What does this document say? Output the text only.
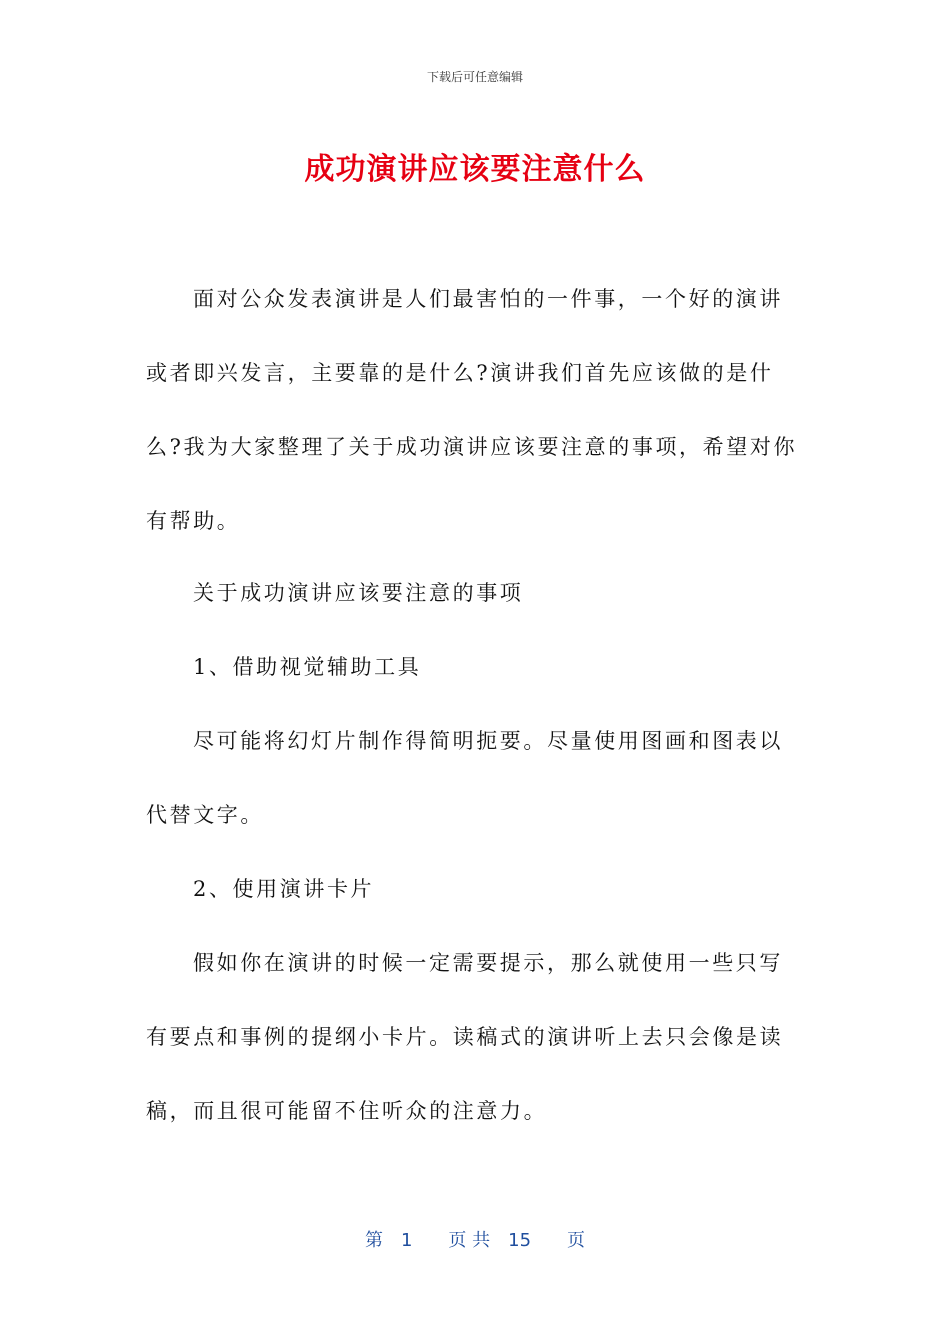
下载后可任意编辑
成功演讲应该要注意什么

面对公众发表演讲是人们最害怕的一件事，一个好的演讲或者即兴发言，主要靠的是什么?演讲我们首先应该做的是什么?我为大家整理了关于成功演讲应该要注意的事项，希望对你有帮助。

关于成功演讲应该要注意的事项

1、借助视觉辅助工具

尽可能将幻灯片制作得简明扼要。尽量使用图画和图表以代替文字。

2、使用演讲卡片

假如你在演讲的时候一定需要提示，那么就使用一些只写有要点和事例的提纲小卡片。读稿式的演讲听上去只会像是读稿，而且很可能留不住听众的注意力。

第 1 页 共 15 页
